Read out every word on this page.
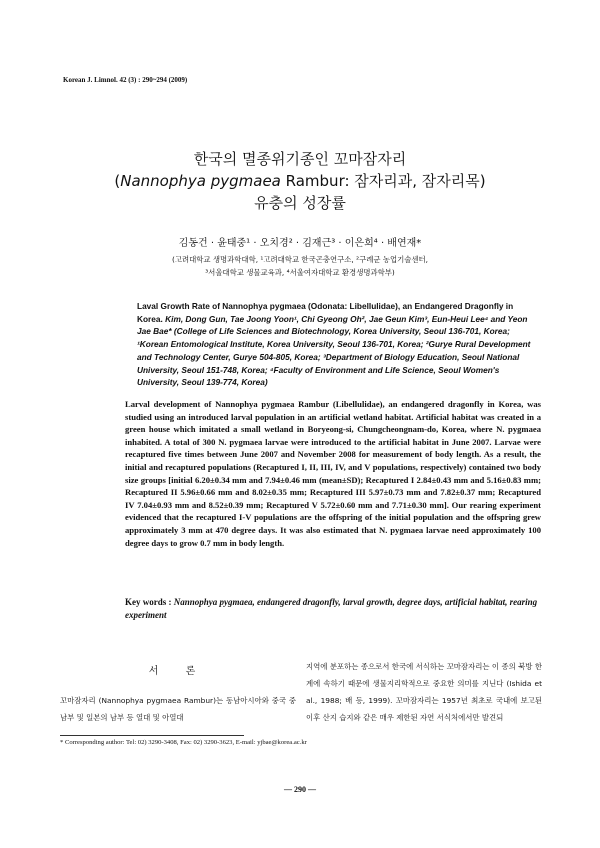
Korean J. Limnol. 42 (3) : 290~294 (2009)
한국의 멸종위기종인 꼬마잠자리
(Nannophya pygmaea Rambur: 잠자리과, 잠자리목)
유충의 성장률
김동건 · 윤태중¹ · 오치경² · 김재근³ · 이은희⁴ · 배연재*
(고려대학교 생명과학대학, ¹고려대학교 한국곤충연구소, ²구례군 농업기술센터,
³서울대학교 생물교육과, ⁴서울여자대학교 환경생명과학부)
Laval Growth Rate of Nannophya pygmaea (Odonata: Libellulidae), an Endangered Dragonfly in Korea. Kim, Dong Gun, Tae Joong Yoon¹, Chi Gyeong Oh², Jae Geun Kim³, Eun-Heui Lee⁴ and Yeon Jae Bae* (College of Life Sciences and Biotechnology, Korea University, Seoul 136-701, Korea; ¹Korean Entomological Institute, Korea University, Seoul 136-701, Korea; ²Gurye Rural Development and Technology Center, Gurye 504-805, Korea; ³Department of Biology Education, Seoul National University, Seoul 151-748, Korea; ⁴Faculty of Environment and Life Science, Seoul Women's University, Seoul 139-774, Korea)
Larval development of Nannophya pygmaea Rambur (Libellulidae), an endangered dragonfly in Korea, was studied using an introduced larval population in an artificial wetland habitat. Artificial habitat was created in a green house which imitated a small wetland in Boryeong-si, Chungcheongnam-do, Korea, where N. pygmaea inhabited. A total of 300 N. pygmaea larvae were introduced to the artificial habitat in June 2007. Larvae were recaptured five times between June 2007 and November 2008 for measurement of body length. As a result, the initial and recaptured populations (Recaptured I, II, III, IV, and V populations, respectively) contained two body size groups [initial 6.20±0.34 mm and 7.94±0.46 mm (mean±SD); Recaptured I 2.84±0.43 mm and 5.16±0.83 mm; Recaptured II 5.96±0.66 mm and 8.02±0.35 mm; Recaptured III 5.97±0.73 mm and 7.82±0.37 mm; Recaptured IV 7.04±0.93 mm and 8.52±0.39 mm; Recaptured V 5.72±0.60 mm and 7.71±0.30 mm]. Our rearing experiment evidenced that the recaptured I-V populations are the offspring of the initial population and the offspring grew approximately 3 mm at 470 degree days. It was also estimated that N. pygmaea larvae need approximately 100 degree days to grow 0.7 mm in body length.
Key words : Nannophya pygmaea, endangered dragonfly, larval growth, degree days, artificial habitat, rearing experiment
서 론
꼬마잠자리 (Nannophya pygmaea Rambur)는 동남아시아와 중국 중남부 및 일본의 남부 등 열대 및 아열대
지역에 분포하는 종으로서 한국에 서식하는 꼬마잠자리는 이 종의 북방 한계에 속하기 때문에 생물지리학적으로 중요한 의미를 지닌다 (Ishida et al., 1988; 배 등, 1999). 꼬마잠자리는 1957년 최초로 국내에 보고된 이후 산지 습지와 같은 매우 제한된 자연 서식처에서만 발견되
* Corresponding author: Tel: 02) 3290-3408, Fax: 02) 3290-3623, E-mail: yjbae@korea.ac.kr
— 290 —
